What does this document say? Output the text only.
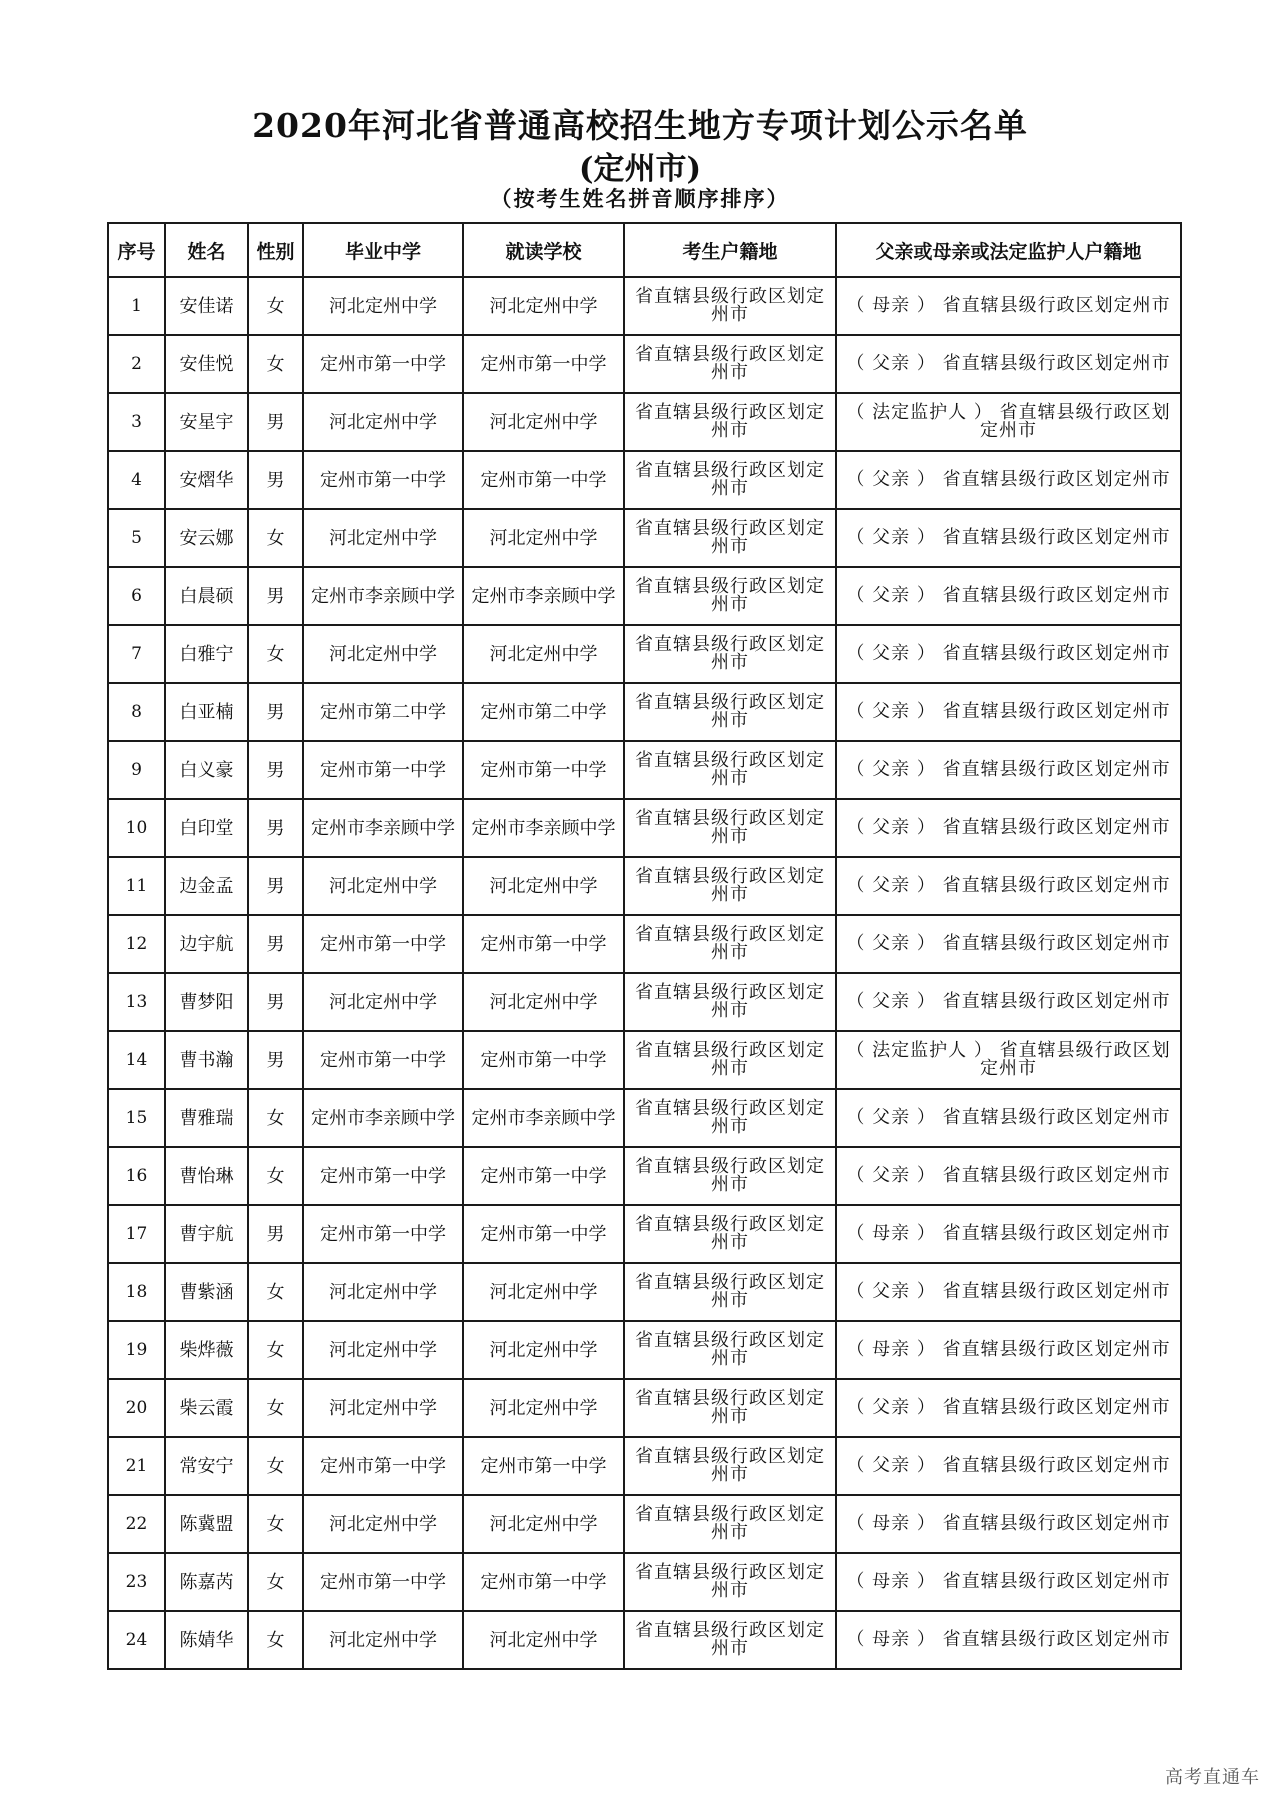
2020年河北省普通高校招生地方专项计划公示名单
(定州市)
（按考生姓名拼音顺序排序）
序号	姓名	性别	毕业中学	就读学校	考生户籍地	父亲或母亲或法定监护人户籍地
1	安佳诺	女	河北定州中学	河北定州中学	省直辖县级行政区划定州市	（ 母亲 ） 省直辖县级行政区划定州市
2	安佳悦	女	定州市第一中学	定州市第一中学	省直辖县级行政区划定州市	（ 父亲 ） 省直辖县级行政区划定州市
3	安星宇	男	河北定州中学	河北定州中学	省直辖县级行政区划定州市	（ 法定监护人 ） 省直辖县级行政区划定州市
4	安熠华	男	定州市第一中学	定州市第一中学	省直辖县级行政区划定州市	（ 父亲 ） 省直辖县级行政区划定州市
5	安云娜	女	河北定州中学	河北定州中学	省直辖县级行政区划定州市	（ 父亲 ） 省直辖县级行政区划定州市
6	白晨硕	男	定州市李亲顾中学	定州市李亲顾中学	省直辖县级行政区划定州市	（ 父亲 ） 省直辖县级行政区划定州市
7	白雅宁	女	河北定州中学	河北定州中学	省直辖县级行政区划定州市	（ 父亲 ） 省直辖县级行政区划定州市
8	白亚楠	男	定州市第二中学	定州市第二中学	省直辖县级行政区划定州市	（ 父亲 ） 省直辖县级行政区划定州市
9	白义豪	男	定州市第一中学	定州市第一中学	省直辖县级行政区划定州市	（ 父亲 ） 省直辖县级行政区划定州市
10	白印堂	男	定州市李亲顾中学	定州市李亲顾中学	省直辖县级行政区划定州市	（ 父亲 ） 省直辖县级行政区划定州市
11	边金孟	男	河北定州中学	河北定州中学	省直辖县级行政区划定州市	（ 父亲 ） 省直辖县级行政区划定州市
12	边宇航	男	定州市第一中学	定州市第一中学	省直辖县级行政区划定州市	（ 父亲 ） 省直辖县级行政区划定州市
13	曹梦阳	男	河北定州中学	河北定州中学	省直辖县级行政区划定州市	（ 父亲 ） 省直辖县级行政区划定州市
14	曹书瀚	男	定州市第一中学	定州市第一中学	省直辖县级行政区划定州市	（ 法定监护人 ） 省直辖县级行政区划定州市
15	曹雅瑞	女	定州市李亲顾中学	定州市李亲顾中学	省直辖县级行政区划定州市	（ 父亲 ） 省直辖县级行政区划定州市
16	曹怡琳	女	定州市第一中学	定州市第一中学	省直辖县级行政区划定州市	（ 父亲 ） 省直辖县级行政区划定州市
17	曹宇航	男	定州市第一中学	定州市第一中学	省直辖县级行政区划定州市	（ 母亲 ） 省直辖县级行政区划定州市
18	曹紫涵	女	河北定州中学	河北定州中学	省直辖县级行政区划定州市	（ 父亲 ） 省直辖县级行政区划定州市
19	柴烨薇	女	河北定州中学	河北定州中学	省直辖县级行政区划定州市	（ 母亲 ） 省直辖县级行政区划定州市
20	柴云霞	女	河北定州中学	河北定州中学	省直辖县级行政区划定州市	（ 父亲 ） 省直辖县级行政区划定州市
21	常安宁	女	定州市第一中学	定州市第一中学	省直辖县级行政区划定州市	（ 父亲 ） 省直辖县级行政区划定州市
22	陈冀盟	女	河北定州中学	河北定州中学	省直辖县级行政区划定州市	（ 母亲 ） 省直辖县级行政区划定州市
23	陈嘉芮	女	定州市第一中学	定州市第一中学	省直辖县级行政区划定州市	（ 母亲 ） 省直辖县级行政区划定州市
24	陈婧华	女	河北定州中学	河北定州中学	省直辖县级行政区划定州市	（ 母亲 ） 省直辖县级行政区划定州市
高考直通车
